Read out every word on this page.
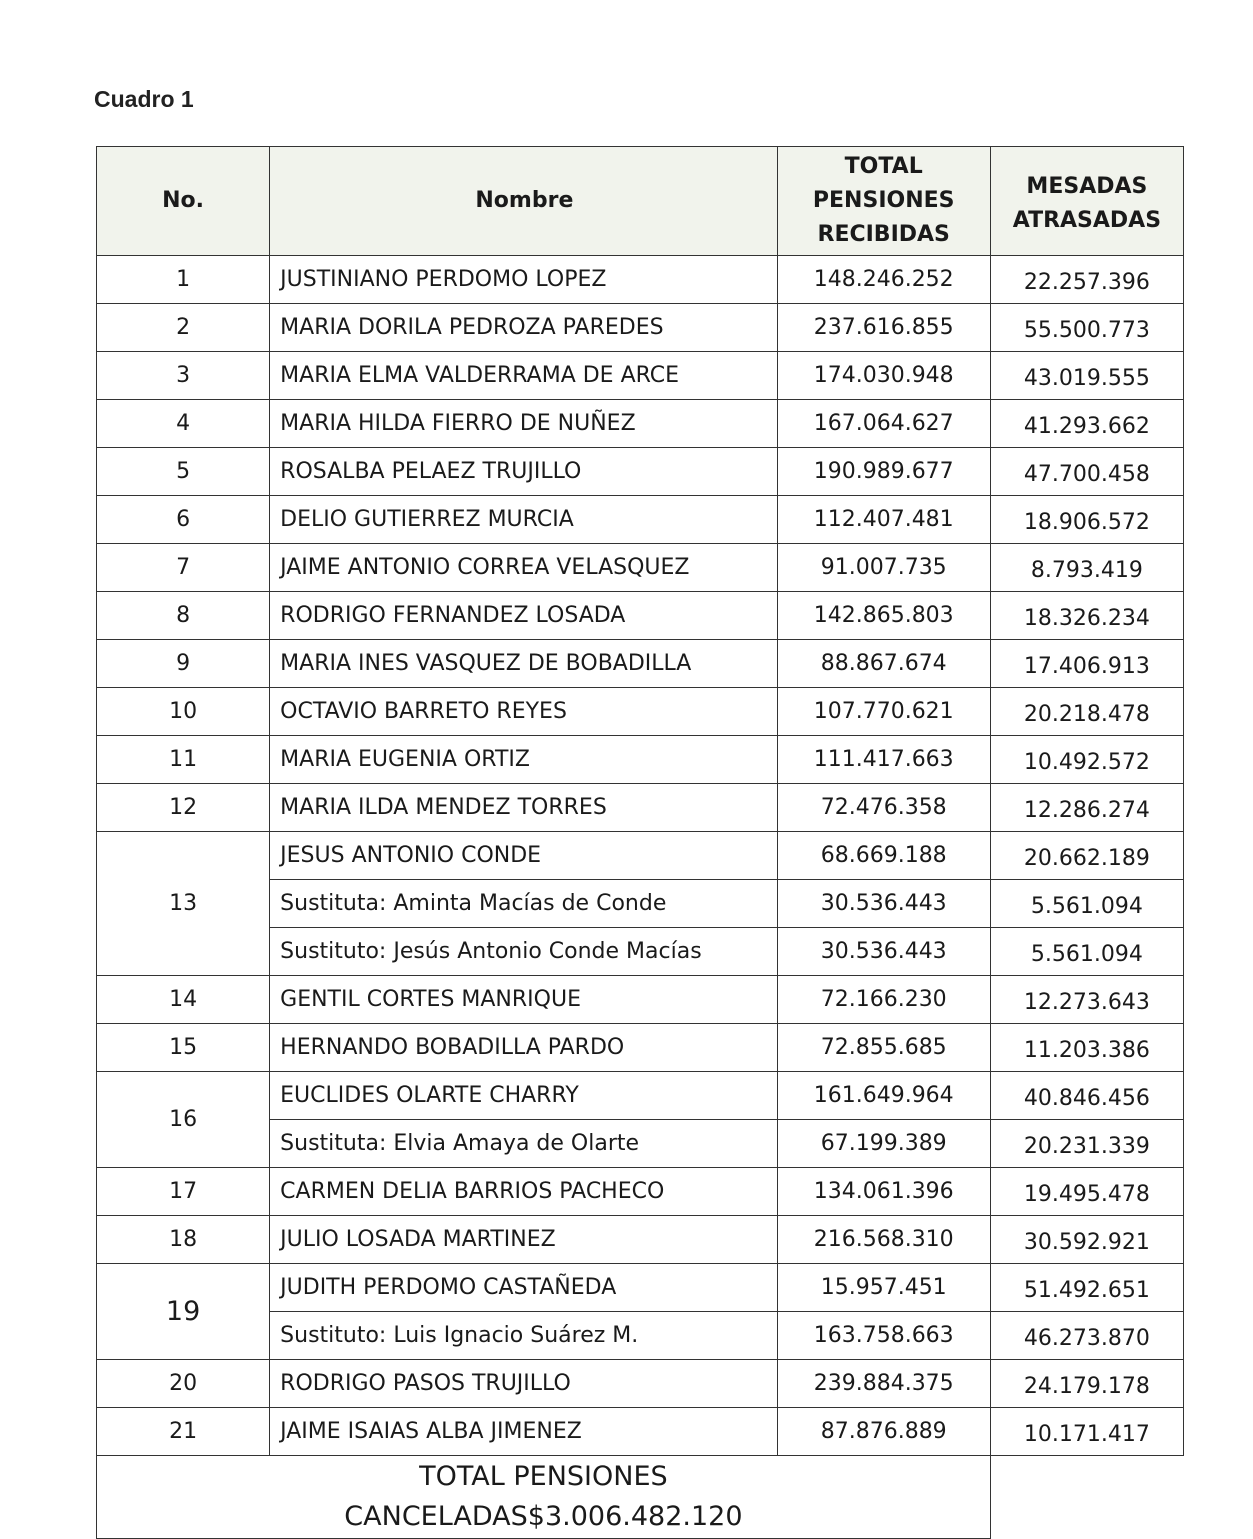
Cuadro 1
No.	Nombre	TOTAL PENSIONES RECIBIDAS	MESADAS ATRASADAS
1	JUSTINIANO PERDOMO LOPEZ	148.246.252	22.257.396
2	MARIA DORILA PEDROZA PAREDES	237.616.855	55.500.773
3	MARIA ELMA VALDERRAMA DE ARCE	174.030.948	43.019.555
4	MARIA HILDA FIERRO DE NUÑEZ	167.064.627	41.293.662
5	ROSALBA PELAEZ TRUJILLO	190.989.677	47.700.458
6	DELIO GUTIERREZ MURCIA	112.407.481	18.906.572
7	JAIME ANTONIO CORREA VELASQUEZ	91.007.735	8.793.419
8	RODRIGO FERNANDEZ LOSADA	142.865.803	18.326.234
9	MARIA INES VASQUEZ DE BOBADILLA	88.867.674	17.406.913
10	OCTAVIO BARRETO REYES	107.770.621	20.218.478
11	MARIA EUGENIA ORTIZ	111.417.663	10.492.572
12	MARIA ILDA MENDEZ TORRES	72.476.358	12.286.274
13	JESUS ANTONIO CONDE	68.669.188	20.662.189
	Sustituta: Aminta Macías de Conde	30.536.443	5.561.094
	Sustituto: Jesús Antonio Conde Macías	30.536.443	5.561.094
14	GENTIL CORTES MANRIQUE	72.166.230	12.273.643
15	HERNANDO BOBADILLA PARDO	72.855.685	11.203.386
16	EUCLIDES OLARTE CHARRY	161.649.964	40.846.456
	Sustituta: Elvia Amaya de Olarte	67.199.389	20.231.339
17	CARMEN DELIA BARRIOS PACHECO	134.061.396	19.495.478
18	JULIO LOSADA MARTINEZ	216.568.310	30.592.921
19	JUDITH PERDOMO CASTAÑEDA	15.957.451	51.492.651
	Sustituto: Luis Ignacio Suárez M.	163.758.663	46.273.870
20	RODRIGO PASOS TRUJILLO	239.884.375	24.179.178
21	JAIME ISAIAS ALBA JIMENEZ	87.876.889	10.171.417

TOTAL PENSIONES
CANCELADAS$3.006.482.120			
